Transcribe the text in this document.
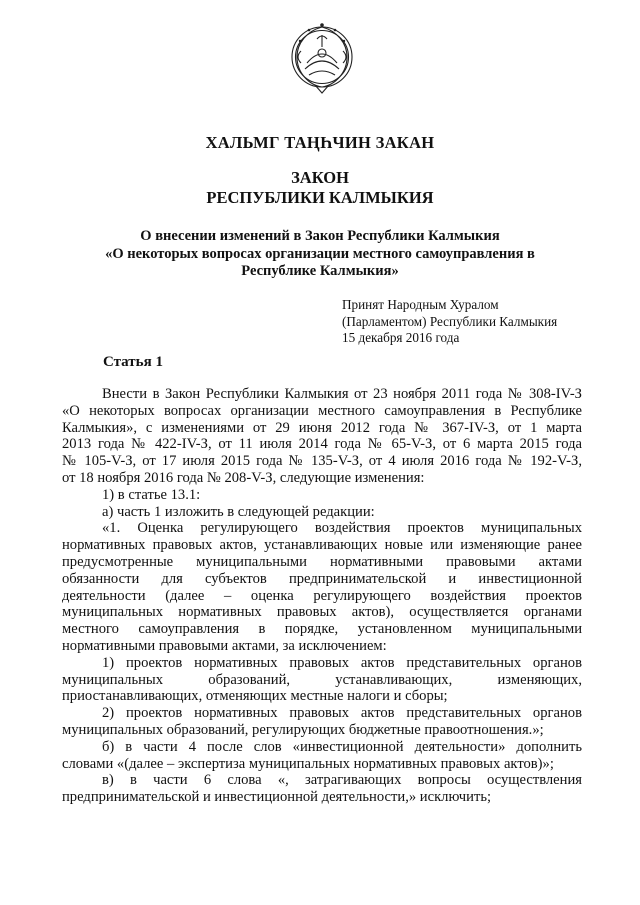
ХАЛЬМГ ТАҢҺЧИН ЗАКАН
ЗАКОН
РЕСПУБЛИКИ КАЛМЫКИЯ
О внесении изменений в Закон Республики Калмыкия
«О некоторых вопросах организации местного самоуправления в
Республике Калмыкия»
Принят Народным Хуралом
(Парламентом) Республики Калмыкия
15 декабря 2016 года
Статья 1
Внести в Закон Республики Калмыкия от 23 ноября 2011 года № 308-IV-З
«О некоторых вопросах организации местного самоуправления в Республике
Калмыкия», с изменениями от 29 июня 2012 года № 367-IV-З, от 1 марта
2013 года № 422-IV-З, от 11 июля 2014 года № 65-V-З, от 6 марта 2015 года
№ 105-V-З, от 17 июля 2015 года № 135-V-З, от 4 июля 2016 года № 192-V-З,
от 18 ноября 2016 года № 208-V-З, следующие изменения:
1) в статье 13.1:
а) часть 1 изложить в следующей редакции:
«1. Оценка регулирующего воздействия проектов муниципальных
нормативных правовых актов, устанавливающих новые или изменяющие ранее
предусмотренные муниципальными нормативными правовыми актами
обязанности для субъектов предпринимательской и инвестиционной
деятельности (далее – оценка регулирующего воздействия проектов
муниципальных нормативных правовых актов), осуществляется органами
местного самоуправления в порядке, установленном муниципальными
нормативными правовыми актами, за исключением:
1) проектов нормативных правовых актов представительных органов
муниципальных образований, устанавливающих, изменяющих,
приостанавливающих, отменяющих местные налоги и сборы;
2) проектов нормативных правовых актов представительных органов
муниципальных образований, регулирующих бюджетные правоотношения.»;
б) в части 4 после слов «инвестиционной деятельности» дополнить
словами «(далее – экспертиза муниципальных нормативных правовых актов)»;
в) в части 6 слова «, затрагивающих вопросы осуществления
предпринимательской и инвестиционной деятельности,» исключить;
